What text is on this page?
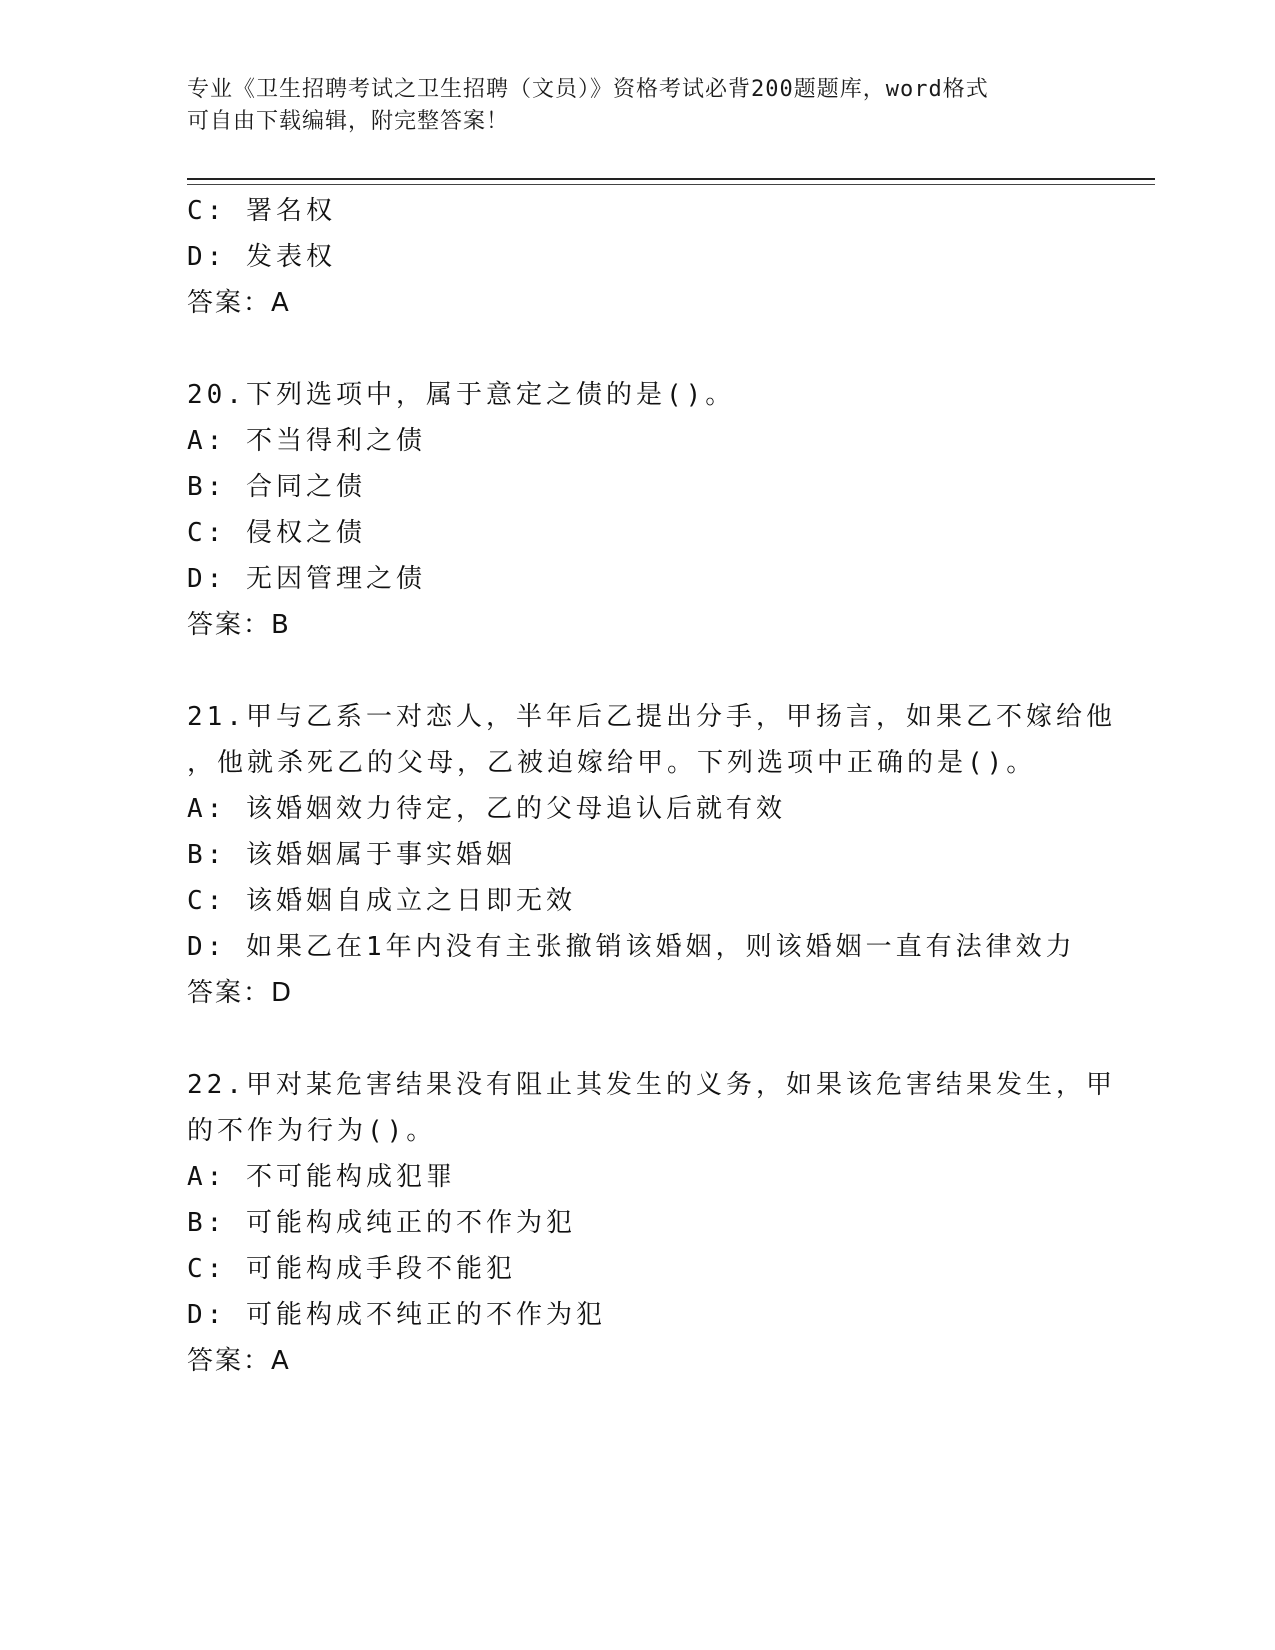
专业《卫生招聘考试之卫生招聘（文员）》资格考试必背200题题库，word格式
可自由下载编辑，附完整答案！
C: 署名权
D: 发表权
答案：A
20.下列选项中，属于意定之债的是()。
A: 不当得利之债
B: 合同之债
C: 侵权之债
D: 无因管理之债
答案：B
21.甲与乙系一对恋人，半年后乙提出分手，甲扬言，如果乙不嫁给他
，他就杀死乙的父母，乙被迫嫁给甲。下列选项中正确的是()。
A: 该婚姻效力待定，乙的父母追认后就有效
B: 该婚姻属于事实婚姻
C: 该婚姻自成立之日即无效
D: 如果乙在1年内没有主张撤销该婚姻，则该婚姻一直有法律效力
答案：D
22.甲对某危害结果没有阻止其发生的义务，如果该危害结果发生，甲
的不作为行为()。
A: 不可能构成犯罪
B: 可能构成纯正的不作为犯
C: 可能构成手段不能犯
D: 可能构成不纯正的不作为犯
答案：A
